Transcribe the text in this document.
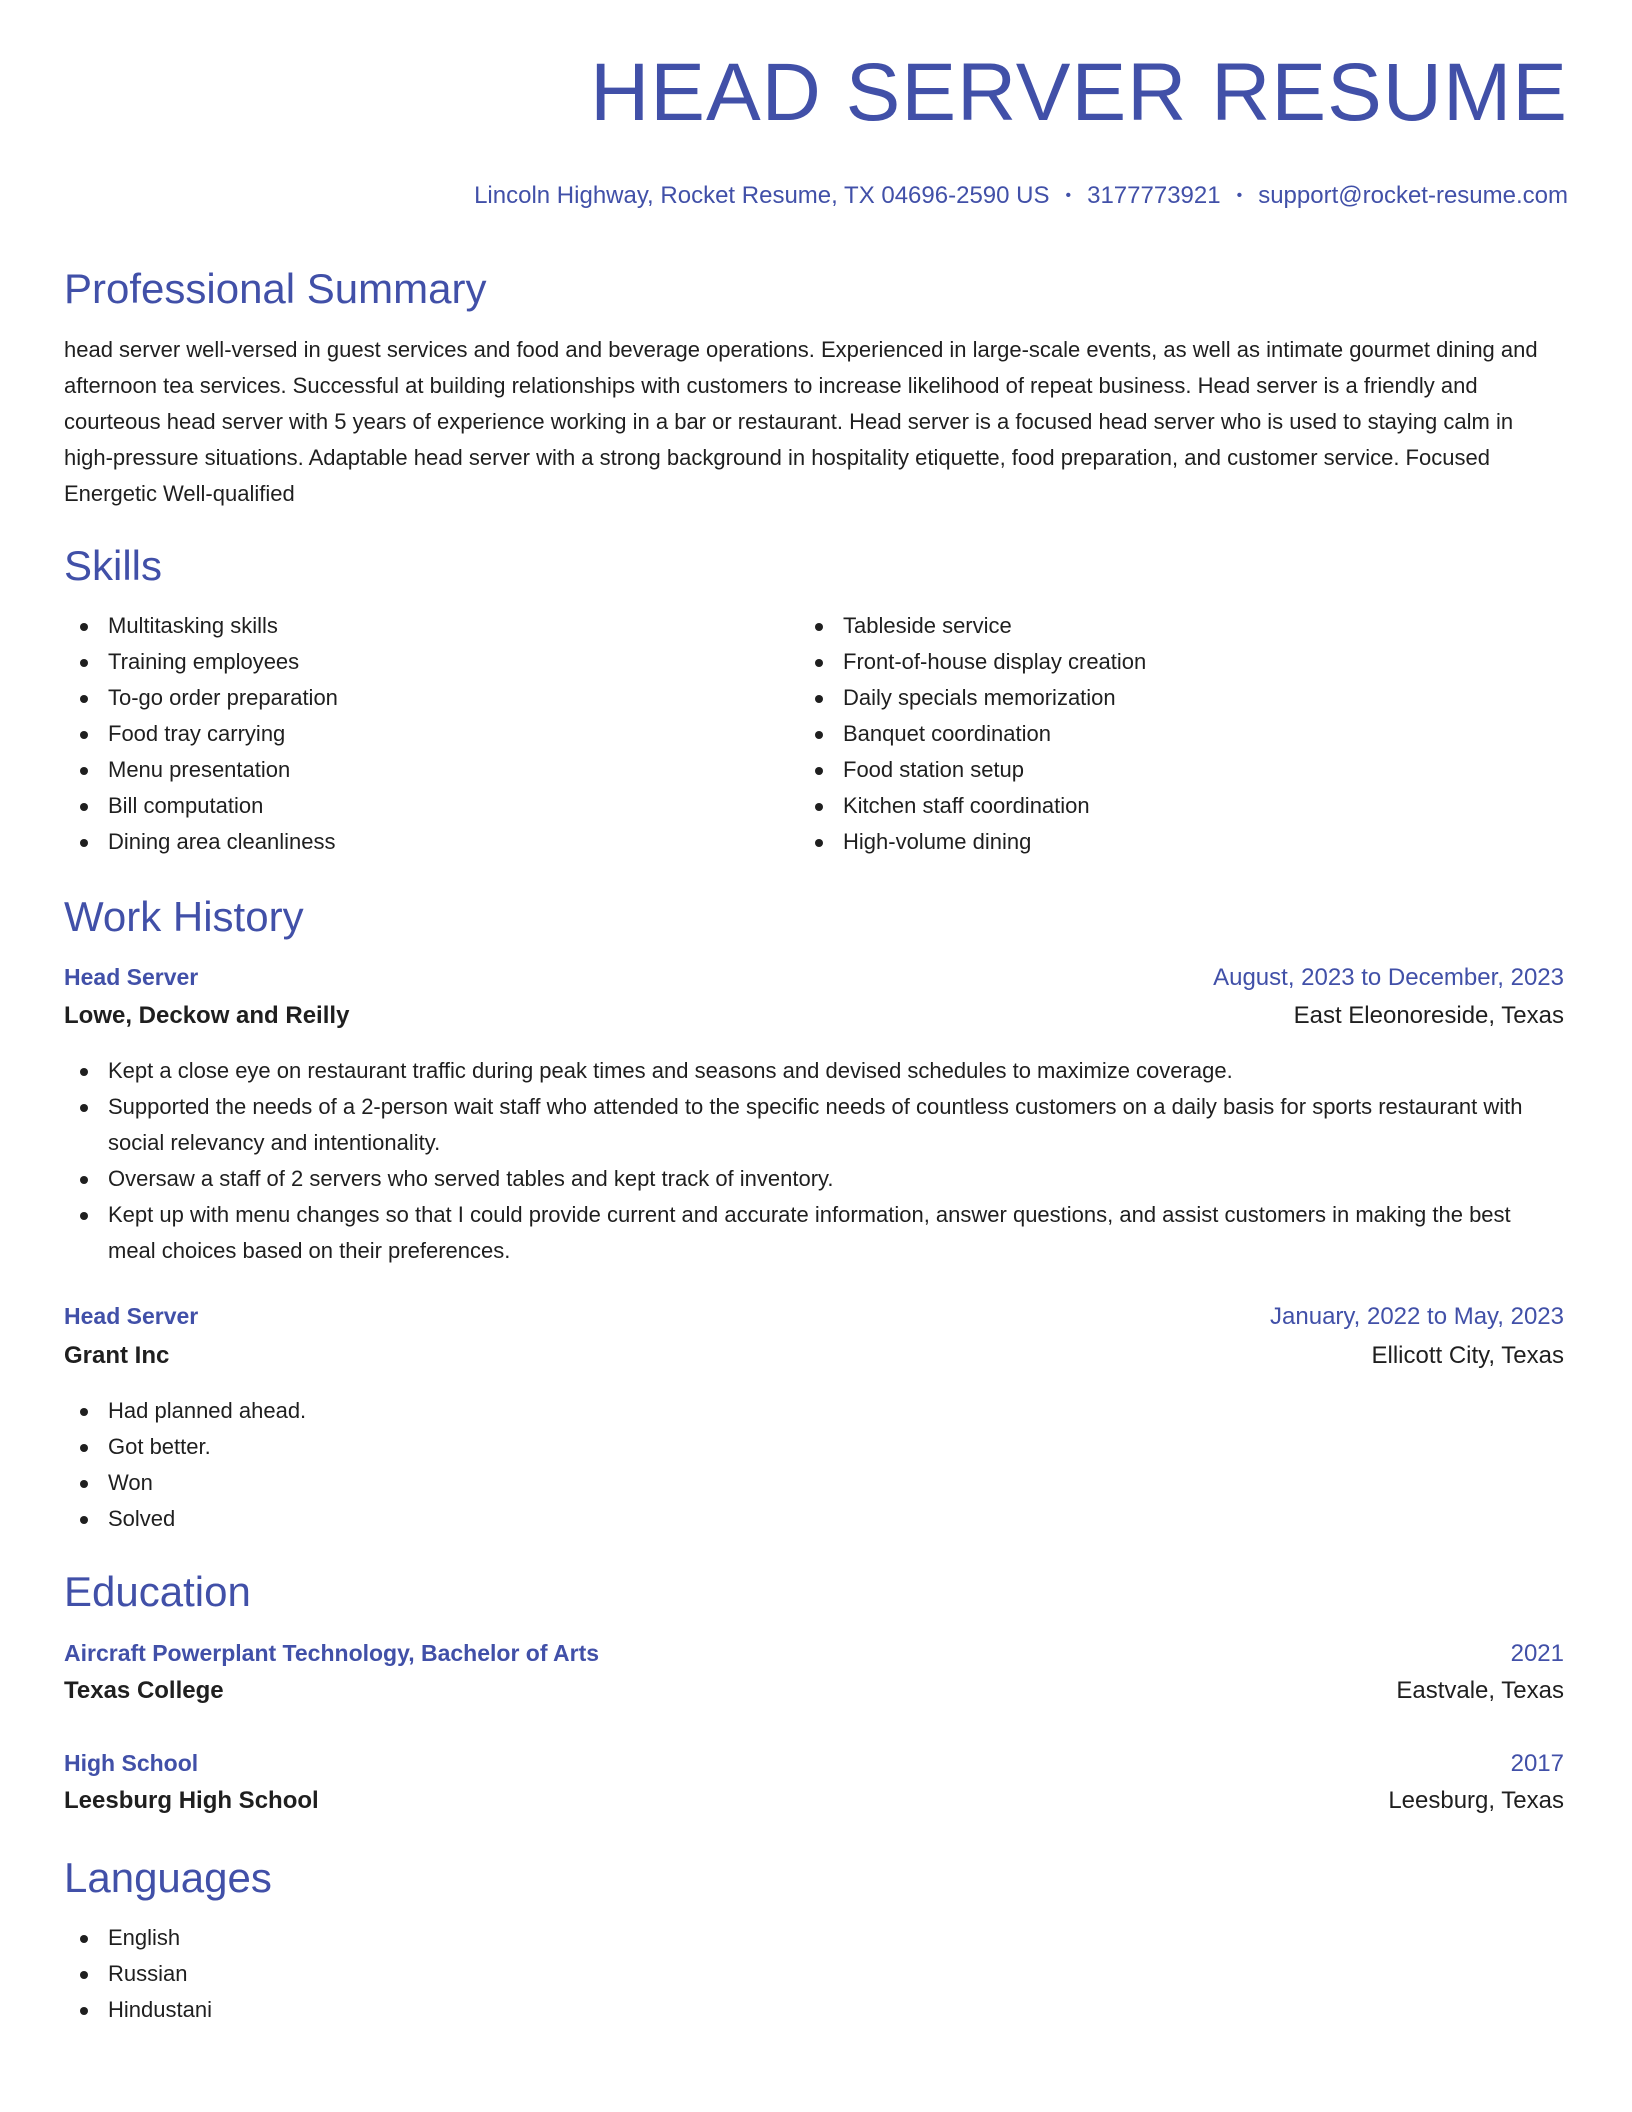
HEAD SERVER RESUME
Lincoln Highway, Rocket Resume, TX 04696-2590 US • 3177773921 • support@rocket-resume.com
Professional Summary

head server well-versed in guest services and food and beverage operations. Experienced in large-scale events, as well as intimate gourmet dining and afternoon tea services. Successful at building relationships with customers to increase likelihood of repeat business. Head server is a friendly and courteous head server with 5 years of experience working in a bar or restaurant. Head server is a focused head server who is used to staying calm in high-pressure situations. Adaptable head server with a strong background in hospitality etiquette, food preparation, and customer service. Focused Energetic Well-qualified

Skills
Multitasking skills
Training employees
To-go order preparation
Food tray carrying
Menu presentation
Bill computation
Dining area cleanliness
Tableside service
Front-of-house display creation
Daily specials memorization
Banquet coordination
Food station setup
Kitchen staff coordination
High-volume dining
Work History
Head Server	August, 2023 to December, 2023
Lowe, Deckow and Reilly	East Eleonoreside, Texas
Kept a close eye on restaurant traffic during peak times and seasons and devised schedules to maximize coverage.
Supported the needs of a 2-person wait staff who attended to the specific needs of countless customers on a daily basis for sports restaurant with social relevancy and intentionality.
Oversaw a staff of 2 servers who served tables and kept track of inventory.
Kept up with menu changes so that I could provide current and accurate information, answer questions, and assist customers in making the best meal choices based on their preferences.
Head Server	January, 2022 to May, 2023
Grant Inc	Ellicott City, Texas
Had planned ahead.
Got better.
Won
Solved
Education
Aircraft Powerplant Technology, Bachelor of Arts	2021
Texas College	Eastvale, Texas
High School	2017
Leesburg High School	Leesburg, Texas
Languages
English
Russian
Hindustani
